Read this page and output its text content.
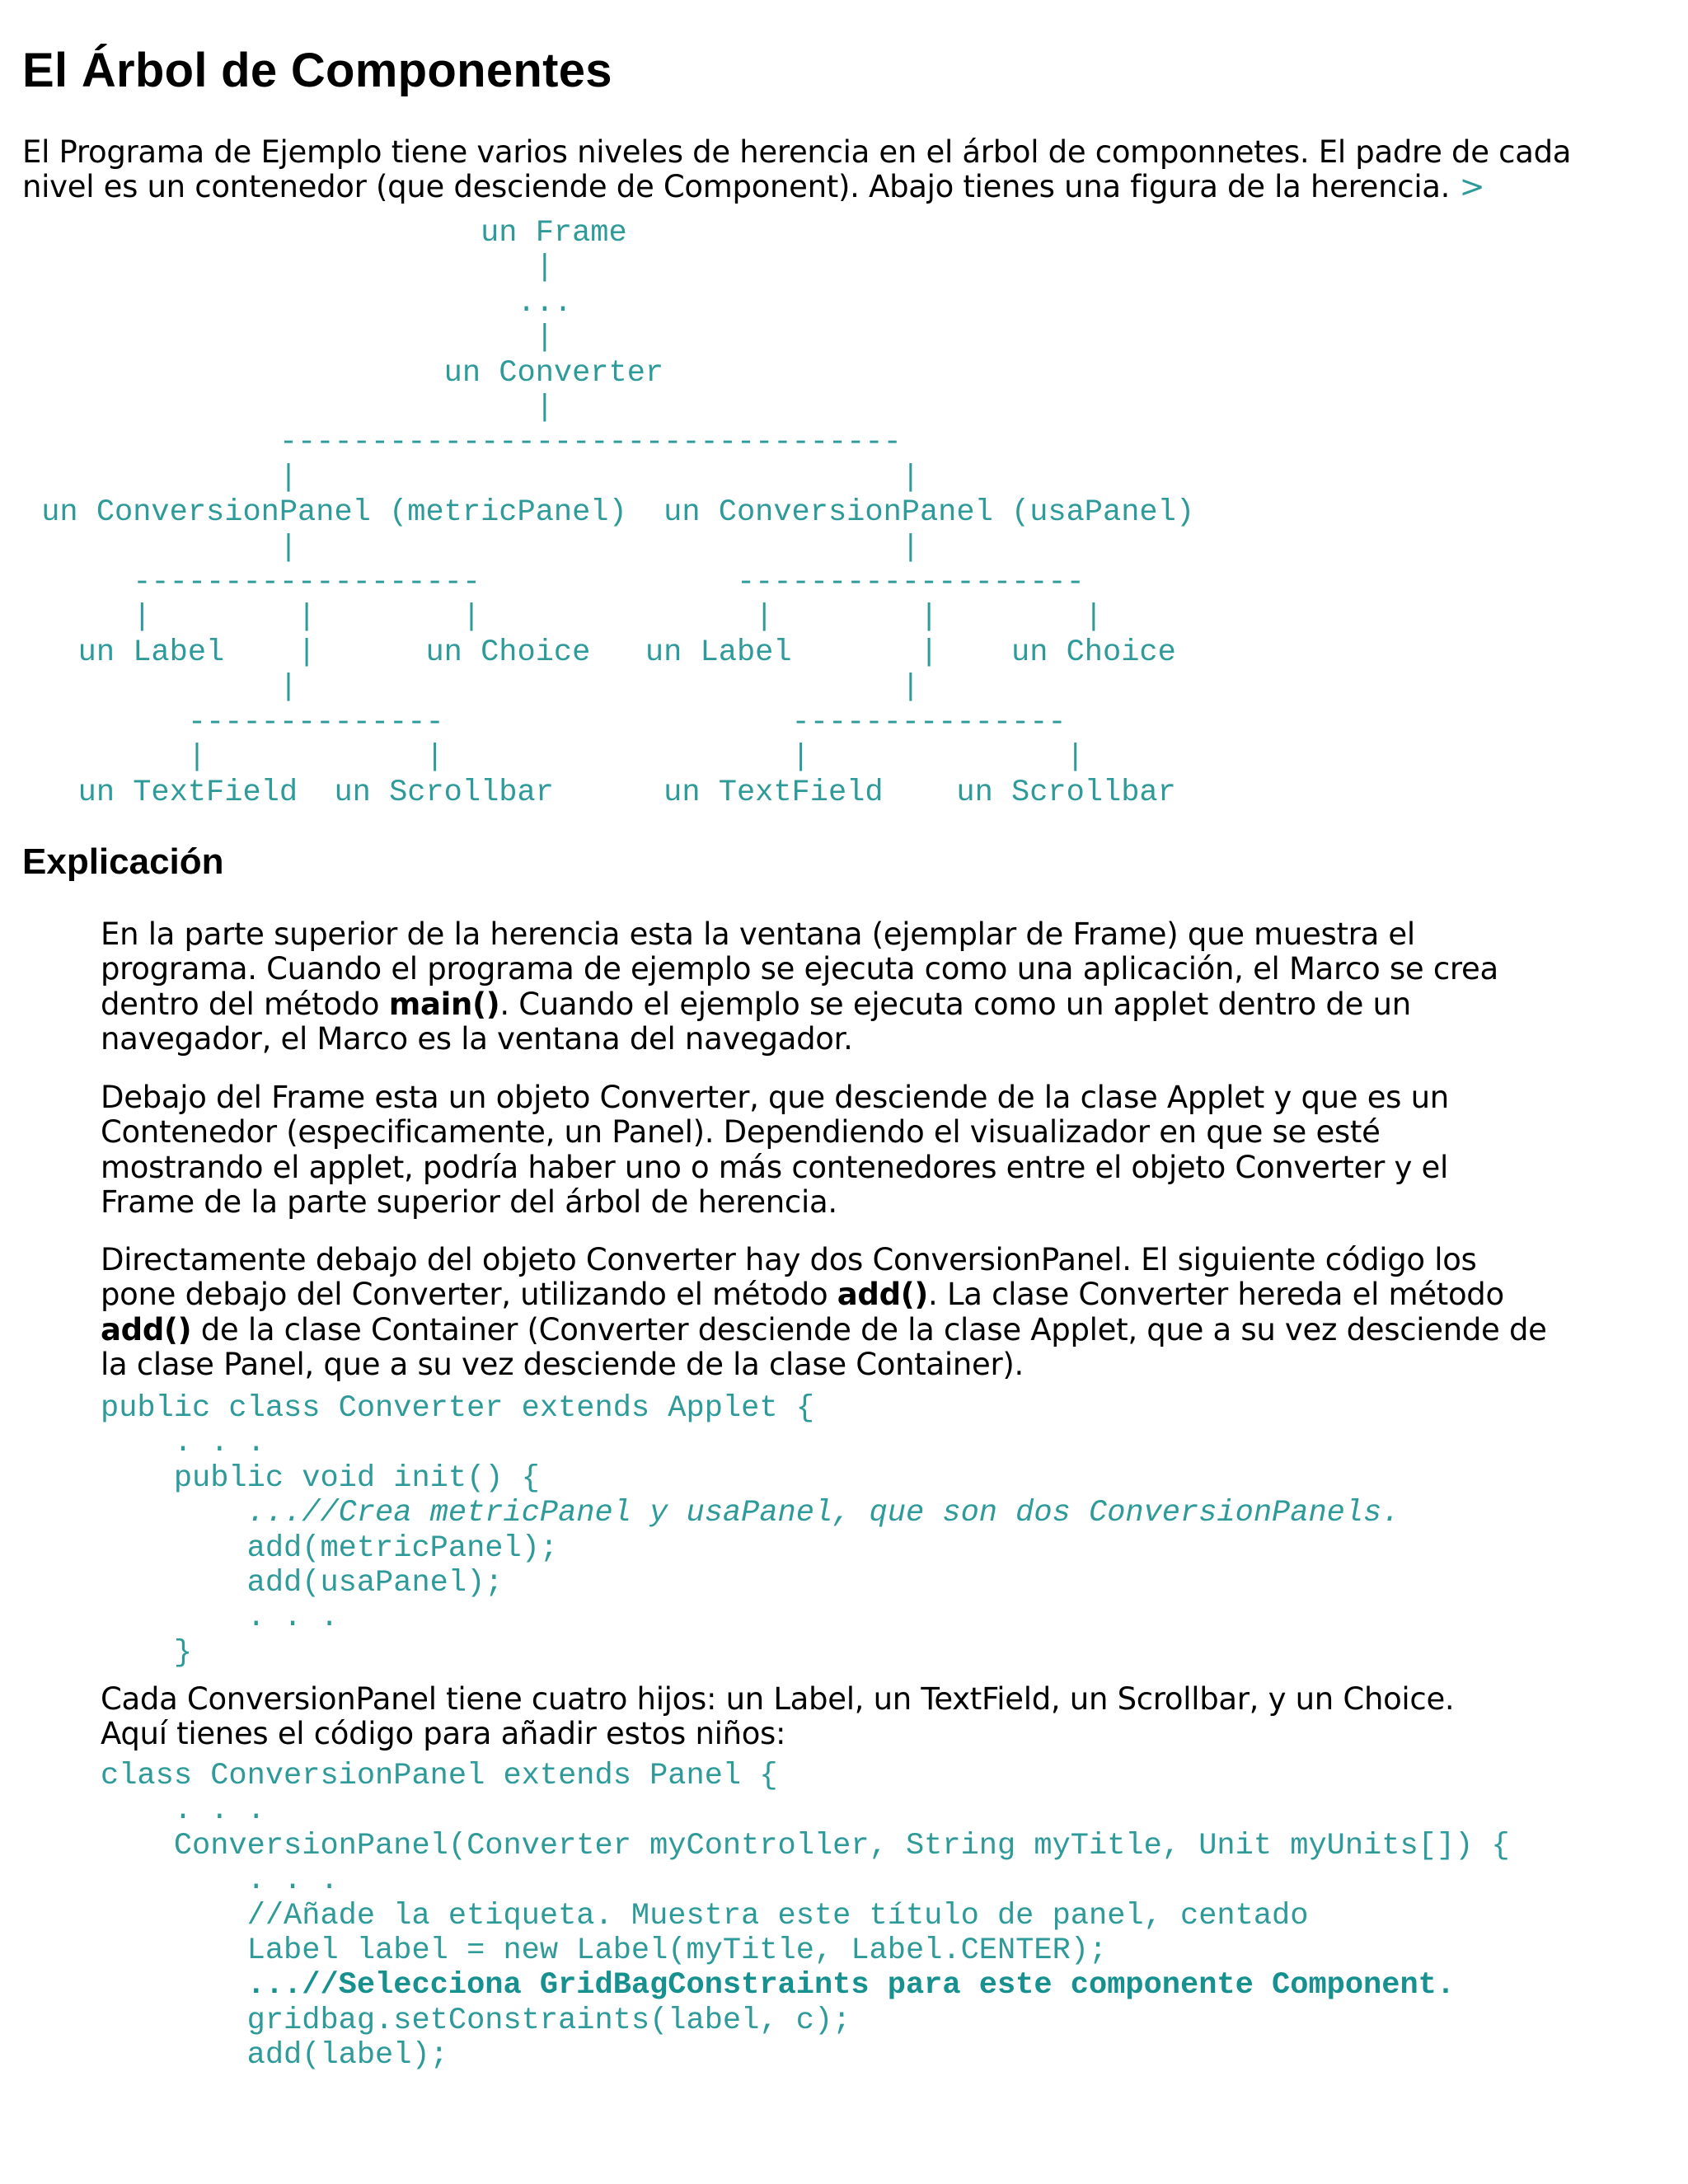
El Árbol de Componentes
El Programa de Ejemplo tiene varios niveles de herencia en el árbol de componnetes. El padre de cada
nivel es un contenedor (que desciende de Component). Abajo tienes una figura de la herencia. >
un Frame
|
...
|
un Converter
|
----------------------------------
|                                 |
un ConversionPanel (metricPanel)  un ConversionPanel (usaPanel)
|                                 |
-------------------              -------------------
|        |        |               |        |        |
un Label    |      un Choice   un Label       |    un Choice
|                                 |
--------------                   ---------------
|            |                   |              |
un TextField  un Scrollbar      un TextField    un Scrollbar
Explicación
En la parte superior de la herencia esta la ventana (ejemplar de Frame) que muestra el
programa. Cuando el programa de ejemplo se ejecuta como una aplicación, el Marco se crea
dentro del método main(). Cuando el ejemplo se ejecuta como un applet dentro de un
navegador, el Marco es la ventana del navegador.
Debajo del Frame esta un objeto Converter, que desciende de la clase Applet y que es un
Contenedor (especificamente, un Panel). Dependiendo el visualizador en que se esté
mostrando el applet, podría haber uno o más contenedores entre el objeto Converter y el
Frame de la parte superior del árbol de herencia.
Directamente debajo del objeto Converter hay dos ConversionPanel. El siguiente código los
pone debajo del Converter, utilizando el método add(). La clase Converter hereda el método
add() de la clase Container (Converter desciende de la clase Applet, que a su vez desciende de
la clase Panel, que a su vez desciende de la clase Container).
public class Converter extends Applet {
. . .
public void init() {
...//Crea metricPanel y usaPanel, que son dos ConversionPanels.
add(metricPanel);
add(usaPanel);
. . .
}
Cada ConversionPanel tiene cuatro hijos: un Label, un TextField, un Scrollbar, y un Choice.
Aquí tienes el código para añadir estos niños:
class ConversionPanel extends Panel {
. . .
ConversionPanel(Converter myController, String myTitle, Unit myUnits[]) {
. . .
//Añade la etiqueta. Muestra este título de panel, centado
Label label = new Label(myTitle, Label.CENTER);
...//Selecciona GridBagConstraints para este componente Component.
gridbag.setConstraints(label, c);
add(label);
